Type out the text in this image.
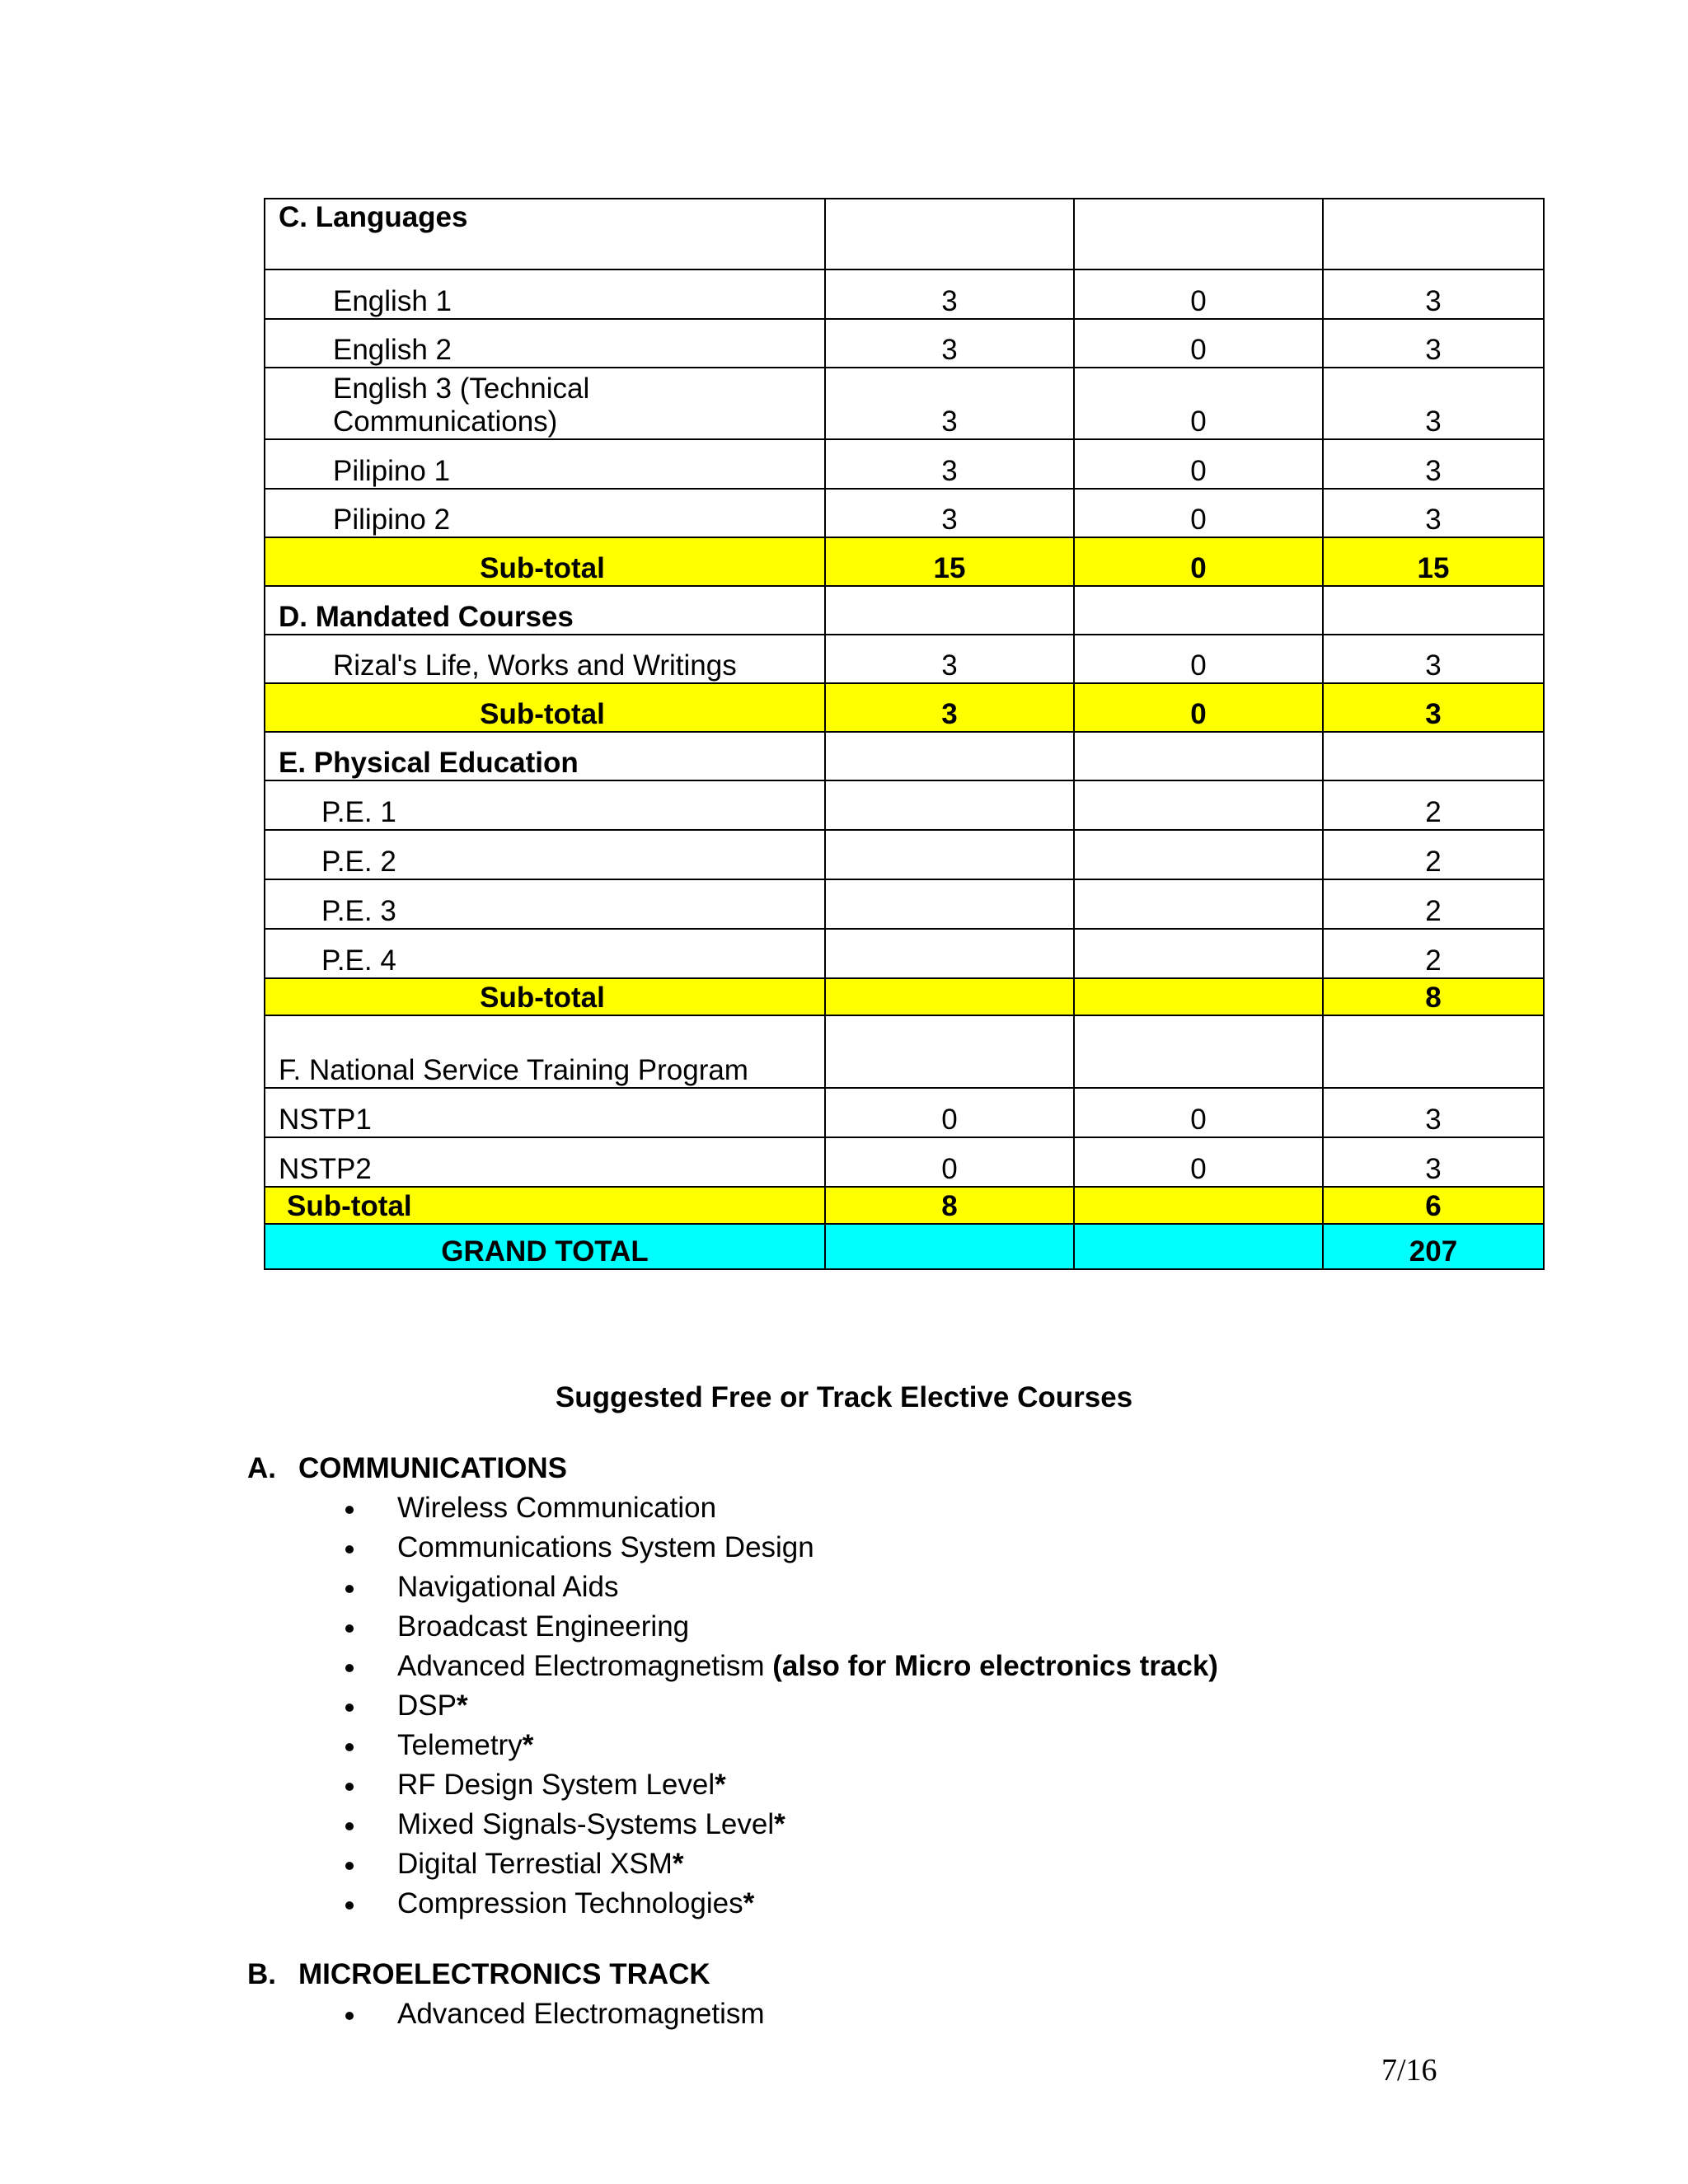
C. Languages			
English 1	3	0	3
English 2	3	0	3
English 3 (Technical
Communications)	3	0	3
Pilipino 1	3	0	3
Pilipino 2	3	0	3
Sub-total	15	0	15
D. Mandated Courses			
Rizal's Life, Works and Writings	3	0	3
Sub-total	3	0	3
E. Physical Education			
P.E. 1			2
P.E. 2			2
P.E. 3			2
P.E. 4			2
Sub-total			8
F. National Service Training Program			
NSTP1	0	0	3
NSTP2	0	0	3
Sub-total	8		6
GRAND TOTAL			207
Suggested Free or Track Elective Courses
A. COMMUNICATIONS
Wireless Communication
Communications System Design
Navigational Aids
Broadcast Engineering
Advanced Electromagnetism (also for Micro electronics track)
DSP*
Telemetry*
RF Design System Level*
Mixed Signals-Systems Level*
Digital Terrestial XSM*
Compression Technologies*
B. MICROELECTRONICS TRACK
Advanced Electromagnetism
7/16
